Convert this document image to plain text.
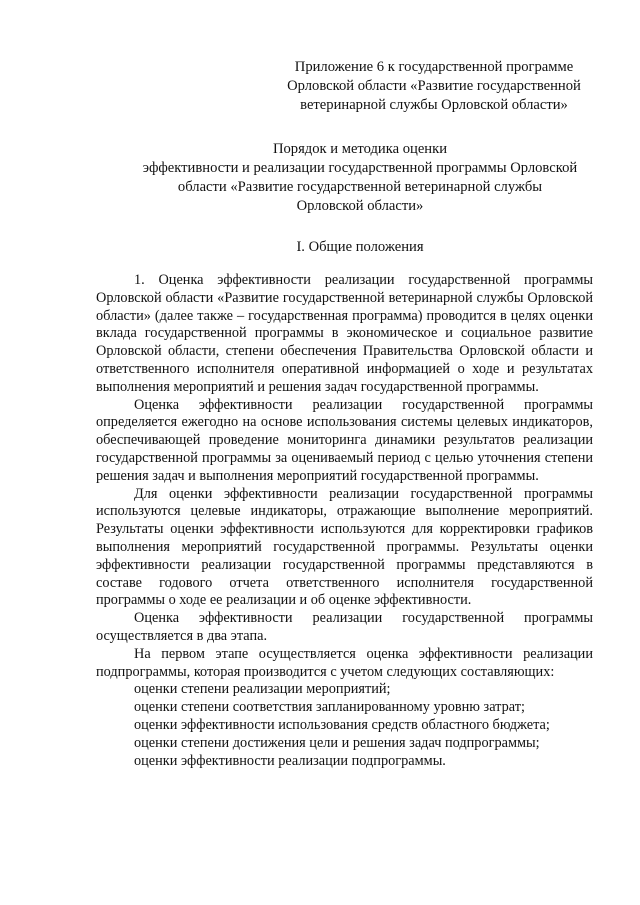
Приложение 6 к государственной программе
Орловской области «Развитие государственной
ветеринарной службы Орловской области»
Порядок и методика оценки
эффективности и реализации государственной программы Орловской
области «Развитие государственной ветеринарной службы
Орловской области»
I. Общие положения

1. Оценка эффективности реализации государственной программы Орловской области «Развитие государственной ветеринарной службы Орловской области» (далее также – государственная программа) проводится в целях оценки вклада государственной программы в экономическое и социальное развитие Орловской области, степени обеспечения Правительства Орловской области и ответственного исполнителя оперативной информацией о ходе и результатах выполнения мероприятий и решения задач государственной программы.

Оценка эффективности реализации государственной программы определяется ежегодно на основе использования системы целевых индикаторов, обеспечивающей проведение мониторинга динамики результатов реализации государственной программы за оцениваемый период с целью уточнения степени решения задач и выполнения мероприятий государственной программы.

Для оценки эффективности реализации государственной программы используются целевые индикаторы, отражающие выполнение мероприятий. Результаты оценки эффективности используются для корректировки графиков выполнения мероприятий государственной программы. Результаты оценки эффективности реализации государственной программы представляются в составе годового отчета ответственного исполнителя государственной программы о ходе ее реализации и об оценке эффективности.

Оценка эффективности реализации государственной программы осуществляется в два этапа.

На первом этапе осуществляется оценка эффективности реализации подпрограммы, которая производится с учетом следующих составляющих:

оценки степени реализации мероприятий;
оценки степени соответствия запланированному уровню затрат;
оценки эффективности использования средств областного бюджета;
оценки степени достижения цели и решения задач подпрограммы;
оценки эффективности реализации подпрограммы.
